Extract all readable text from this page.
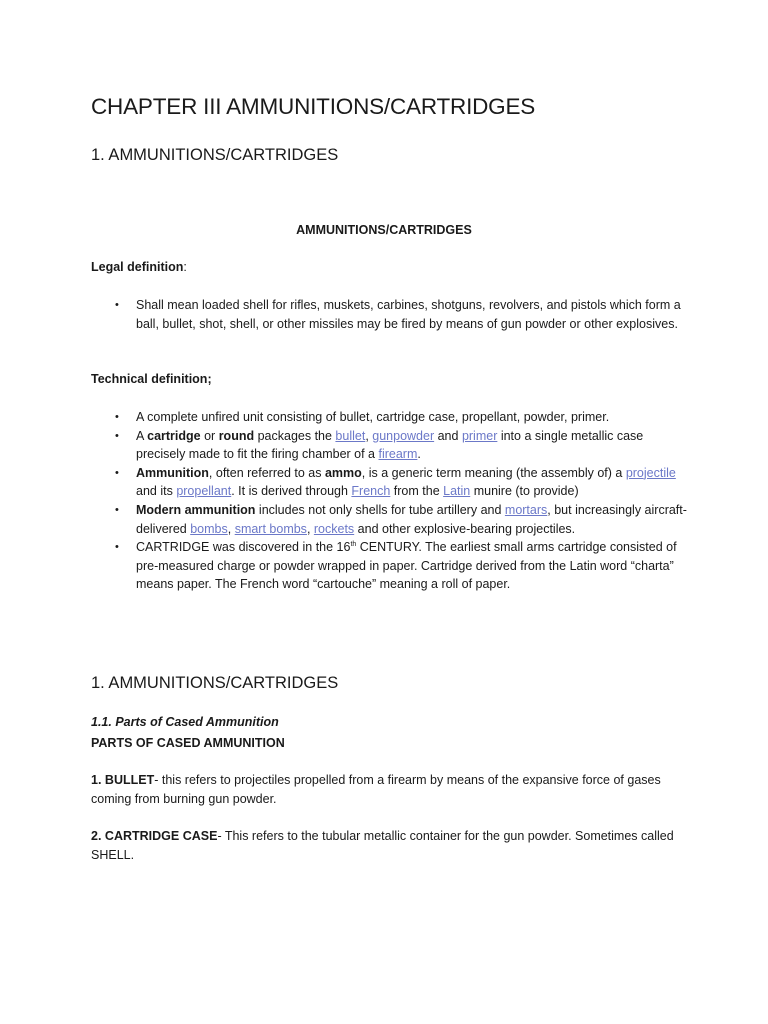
CHAPTER III AMMUNITIONS/CARTRIDGES
1. AMMUNITIONS/CARTRIDGES
AMMUNITIONS/CARTRIDGES
Legal definition:
• Shall mean loaded shell for rifles, muskets, carbines, shotguns, revolvers, and pistols which form a ball, bullet, shot, shell, or other missiles may be fired by means of gun powder or other explosives.
Technical definition;
• A complete unfired unit consisting of bullet, cartridge case, propellant, powder, primer.
• A cartridge or round packages the bullet, gunpowder and primer into a single metallic case precisely made to fit the firing chamber of a firearm.
• Ammunition, often referred to as ammo, is a generic term meaning (the assembly of) a projectile and its propellant. It is derived through French from the Latin munire (to provide)
• Modern ammunition includes not only shells for tube artillery and mortars, but increasingly aircraft-delivered bombs, smart bombs, rockets and other explosive-bearing projectiles.
• CARTRIDGE was discovered in the 16th CENTURY. The earliest small arms cartridge consisted of pre-measured charge or powder wrapped in paper. Cartridge derived from the Latin word “charta” means paper. The French word “cartouche” meaning a roll of paper.
1. AMMUNITIONS/CARTRIDGES
1.1. Parts of Cased Ammunition
PARTS OF CASED AMMUNITION
1. BULLET- this refers to projectiles propelled from a firearm by means of the expansive force of gases coming from burning gun powder.
2. CARTRIDGE CASE- This refers to the tubular metallic container for the gun powder. Sometimes called SHELL.
